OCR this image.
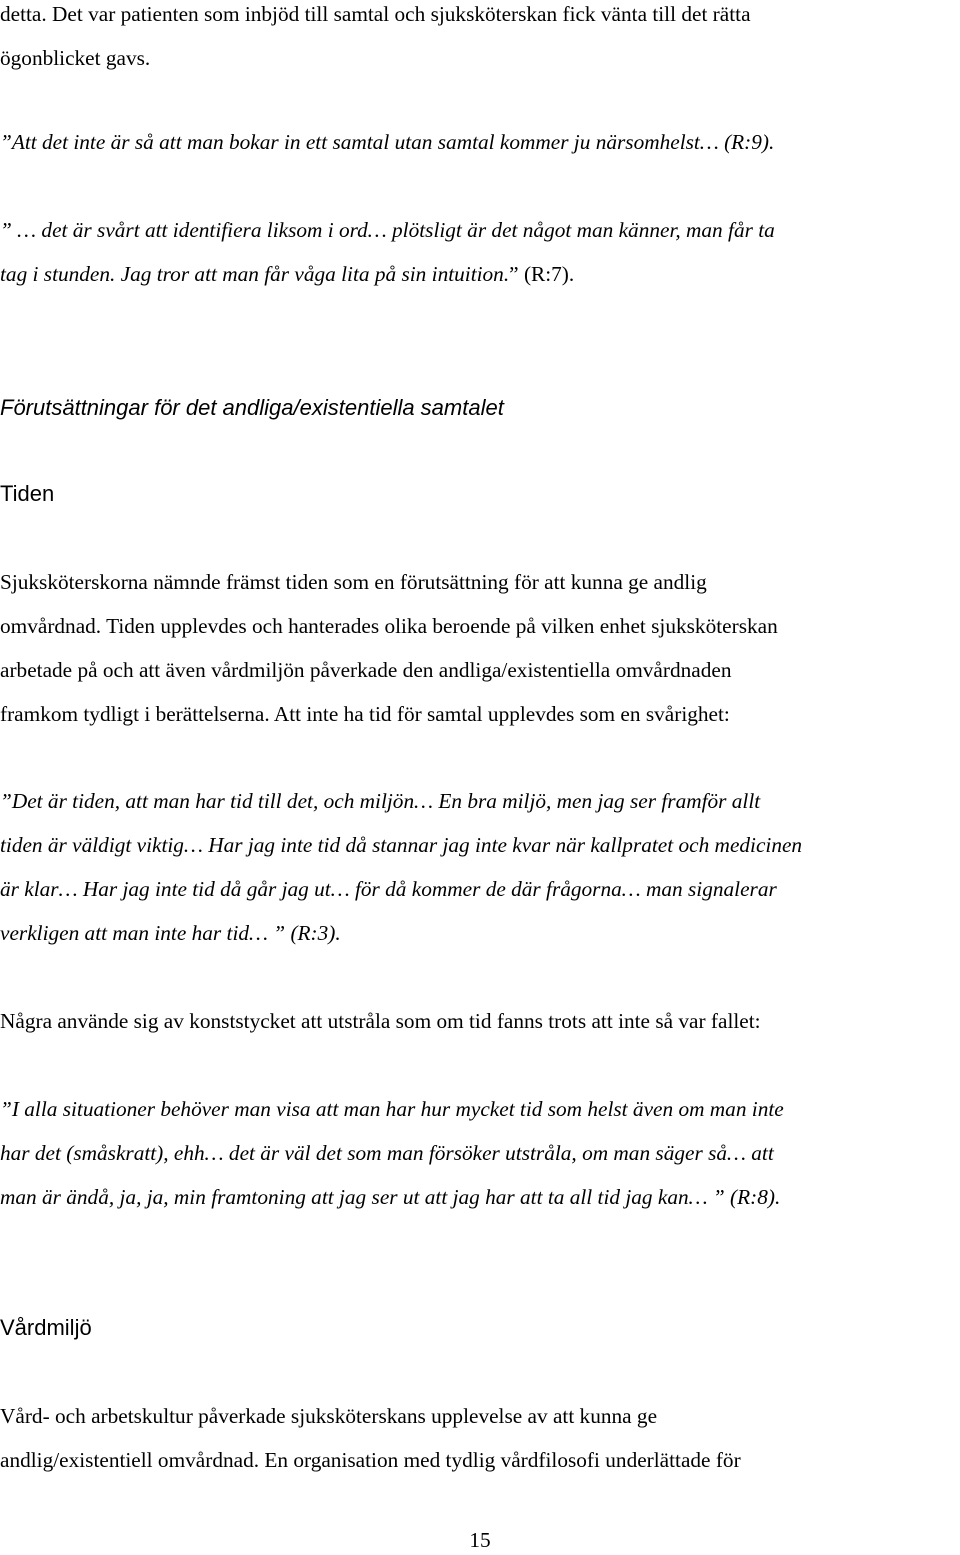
detta. Det var patienten som inbjöd till samtal och sjuksköterskan fick vänta till det rätta
ögonblicket gavs.

”Att det inte är så att man bokar in ett samtal utan samtal kommer ju närsomhelst… (R:9).

” … det är svårt att identifiera liksom i ord… plötsligt är det något man känner, man får ta
tag i stunden. Jag tror att man får våga lita på sin intuition.” (R:7).

Förutsättningar för det andliga/existentiella samtalet
Tiden

Sjuksköterskorna nämnde främst tiden som en förutsättning för att kunna ge andlig
omvårdnad. Tiden upplevdes och hanterades olika beroende på vilken enhet sjuksköterskan
arbetade på och att även vårdmiljön påverkade den andliga/existentiella omvårdnaden
framkom tydligt i berättelserna. Att inte ha tid för samtal upplevdes som en svårighet:

”Det är tiden, att man har tid till det, och miljön… En bra miljö, men jag ser framför allt
tiden är väldigt viktig… Har jag inte tid då stannar jag inte kvar när kallpratet och medicinen
är klar… Har jag inte tid då går jag ut… för då kommer de där frågorna… man signalerar
verkligen att man inte har tid… ” (R:3).

Några använde sig av konststycket att utstråla som om tid fanns trots att inte så var fallet:

”I alla situationer behöver man visa att man har hur mycket tid som helst även om man inte
har det (småskratt), ehh… det är väl det som man försöker utstråla, om man säger så… att
man är ändå, ja, ja, min framtoning att jag ser ut att jag har att ta all tid jag kan… ” (R:8).

Vårdmiljö

Vård- och arbetskultur påverkade sjuksköterskans upplevelse av att kunna ge
andlig/existentiell omvårdnad. En organisation med tydlig vårdfilosofi underlättade för

15
